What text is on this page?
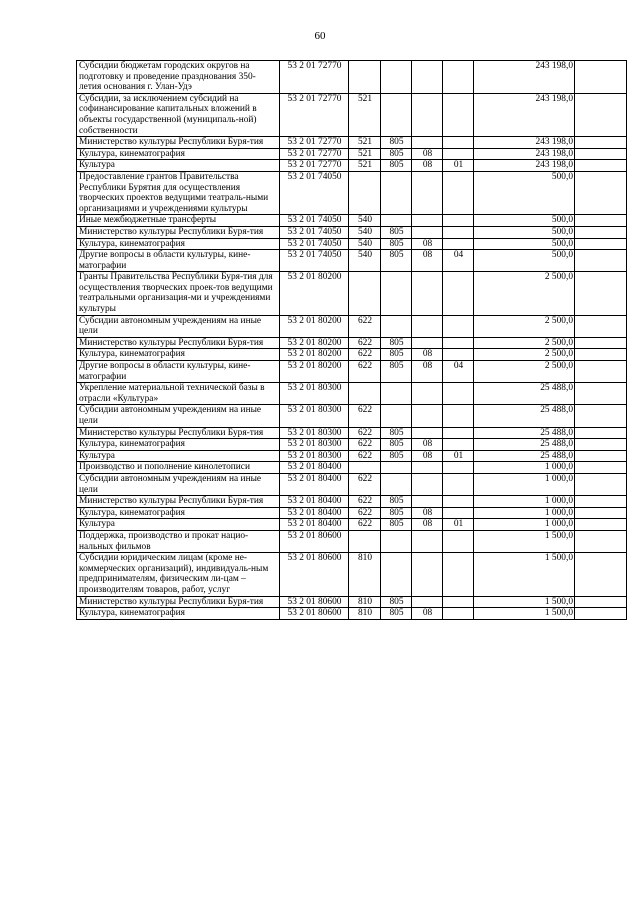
60
Субсидии бюджетам городских округов на подготовку и проведение празднования 350-летия основания г. Улан-Удэ	53 2 01 72770					243 198,0	
Субсидии, за исключением субсидий на софинансирование капитальных вложений в объекты государственной (муниципаль-ной) собственности	53 2 01 72770	521				243 198,0	
Министерство культуры Республики Буря-тия	53 2 01 72770	521	805			243 198,0	
Культура, кинематография	53 2 01 72770	521	805	08		243 198,0	
Культура	53 2 01 72770	521	805	08	01	243 198,0	
Предоставление грантов Правительства Республики Бурятия для осуществления творческих проектов ведущими театраль-ными организациями и учреждениями культуры	53 2 01 74050					500,0	
Иные межбюджетные трансферты	53 2 01 74050	540				500,0	
Министерство культуры Республики Буря-тия	53 2 01 74050	540	805			500,0	
Культура, кинематография	53 2 01 74050	540	805	08		500,0	
Другие вопросы в области культуры, кине-матографии	53 2 01 74050	540	805	08	04	500,0	
Гранты Правительства Республики Буря-тия для осуществления творческих проек-тов ведущими театральными организация-ми и учреждениями культуры	53 2 01 80200					2 500,0	
Субсидии автономным учреждениям на иные цели	53 2 01 80200	622				2 500,0	
Министерство культуры Республики Буря-тия	53 2 01 80200	622	805			2 500,0	
Культура, кинематография	53 2 01 80200	622	805	08		2 500,0	
Другие вопросы в области культуры, кине-матографии	53 2 01 80200	622	805	08	04	2 500,0	
Укрепление материальной технической базы в отрасли «Культура»	53 2 01 80300					25 488,0	
Субсидии автономным учреждениям на иные цели	53 2 01 80300	622				25 488,0	
Министерство культуры Республики Буря-тия	53 2 01 80300	622	805			25 488,0	
Культура, кинематография	53 2 01 80300	622	805	08		25 488,0	
Культура	53 2 01 80300	622	805	08	01	25 488,0	
Производство и пополнение кинолетописи	53 2 01 80400					1 000,0	
Субсидии автономным учреждениям на иные цели	53 2 01 80400	622				1 000,0	
Министерство культуры Республики Буря-тия	53 2 01 80400	622	805			1 000,0	
Культура, кинематография	53 2 01 80400	622	805	08		1 000,0	
Культура	53 2 01 80400	622	805	08	01	1 000,0	
Поддержка, производство и прокат нацио-нальных фильмов	53 2 01 80600					1 500,0	
Субсидии юридическим лицам (кроме не-коммерческих организаций), индивидуаль-ным предпринимателям, физическим ли-цам – производителям товаров, работ, услуг	53 2 01 80600	810				1 500,0	
Министерство культуры Республики Буря-тия	53 2 01 80600	810	805			1 500,0	
Культура, кинематография	53 2 01 80600	810	805	08		1 500,0	
